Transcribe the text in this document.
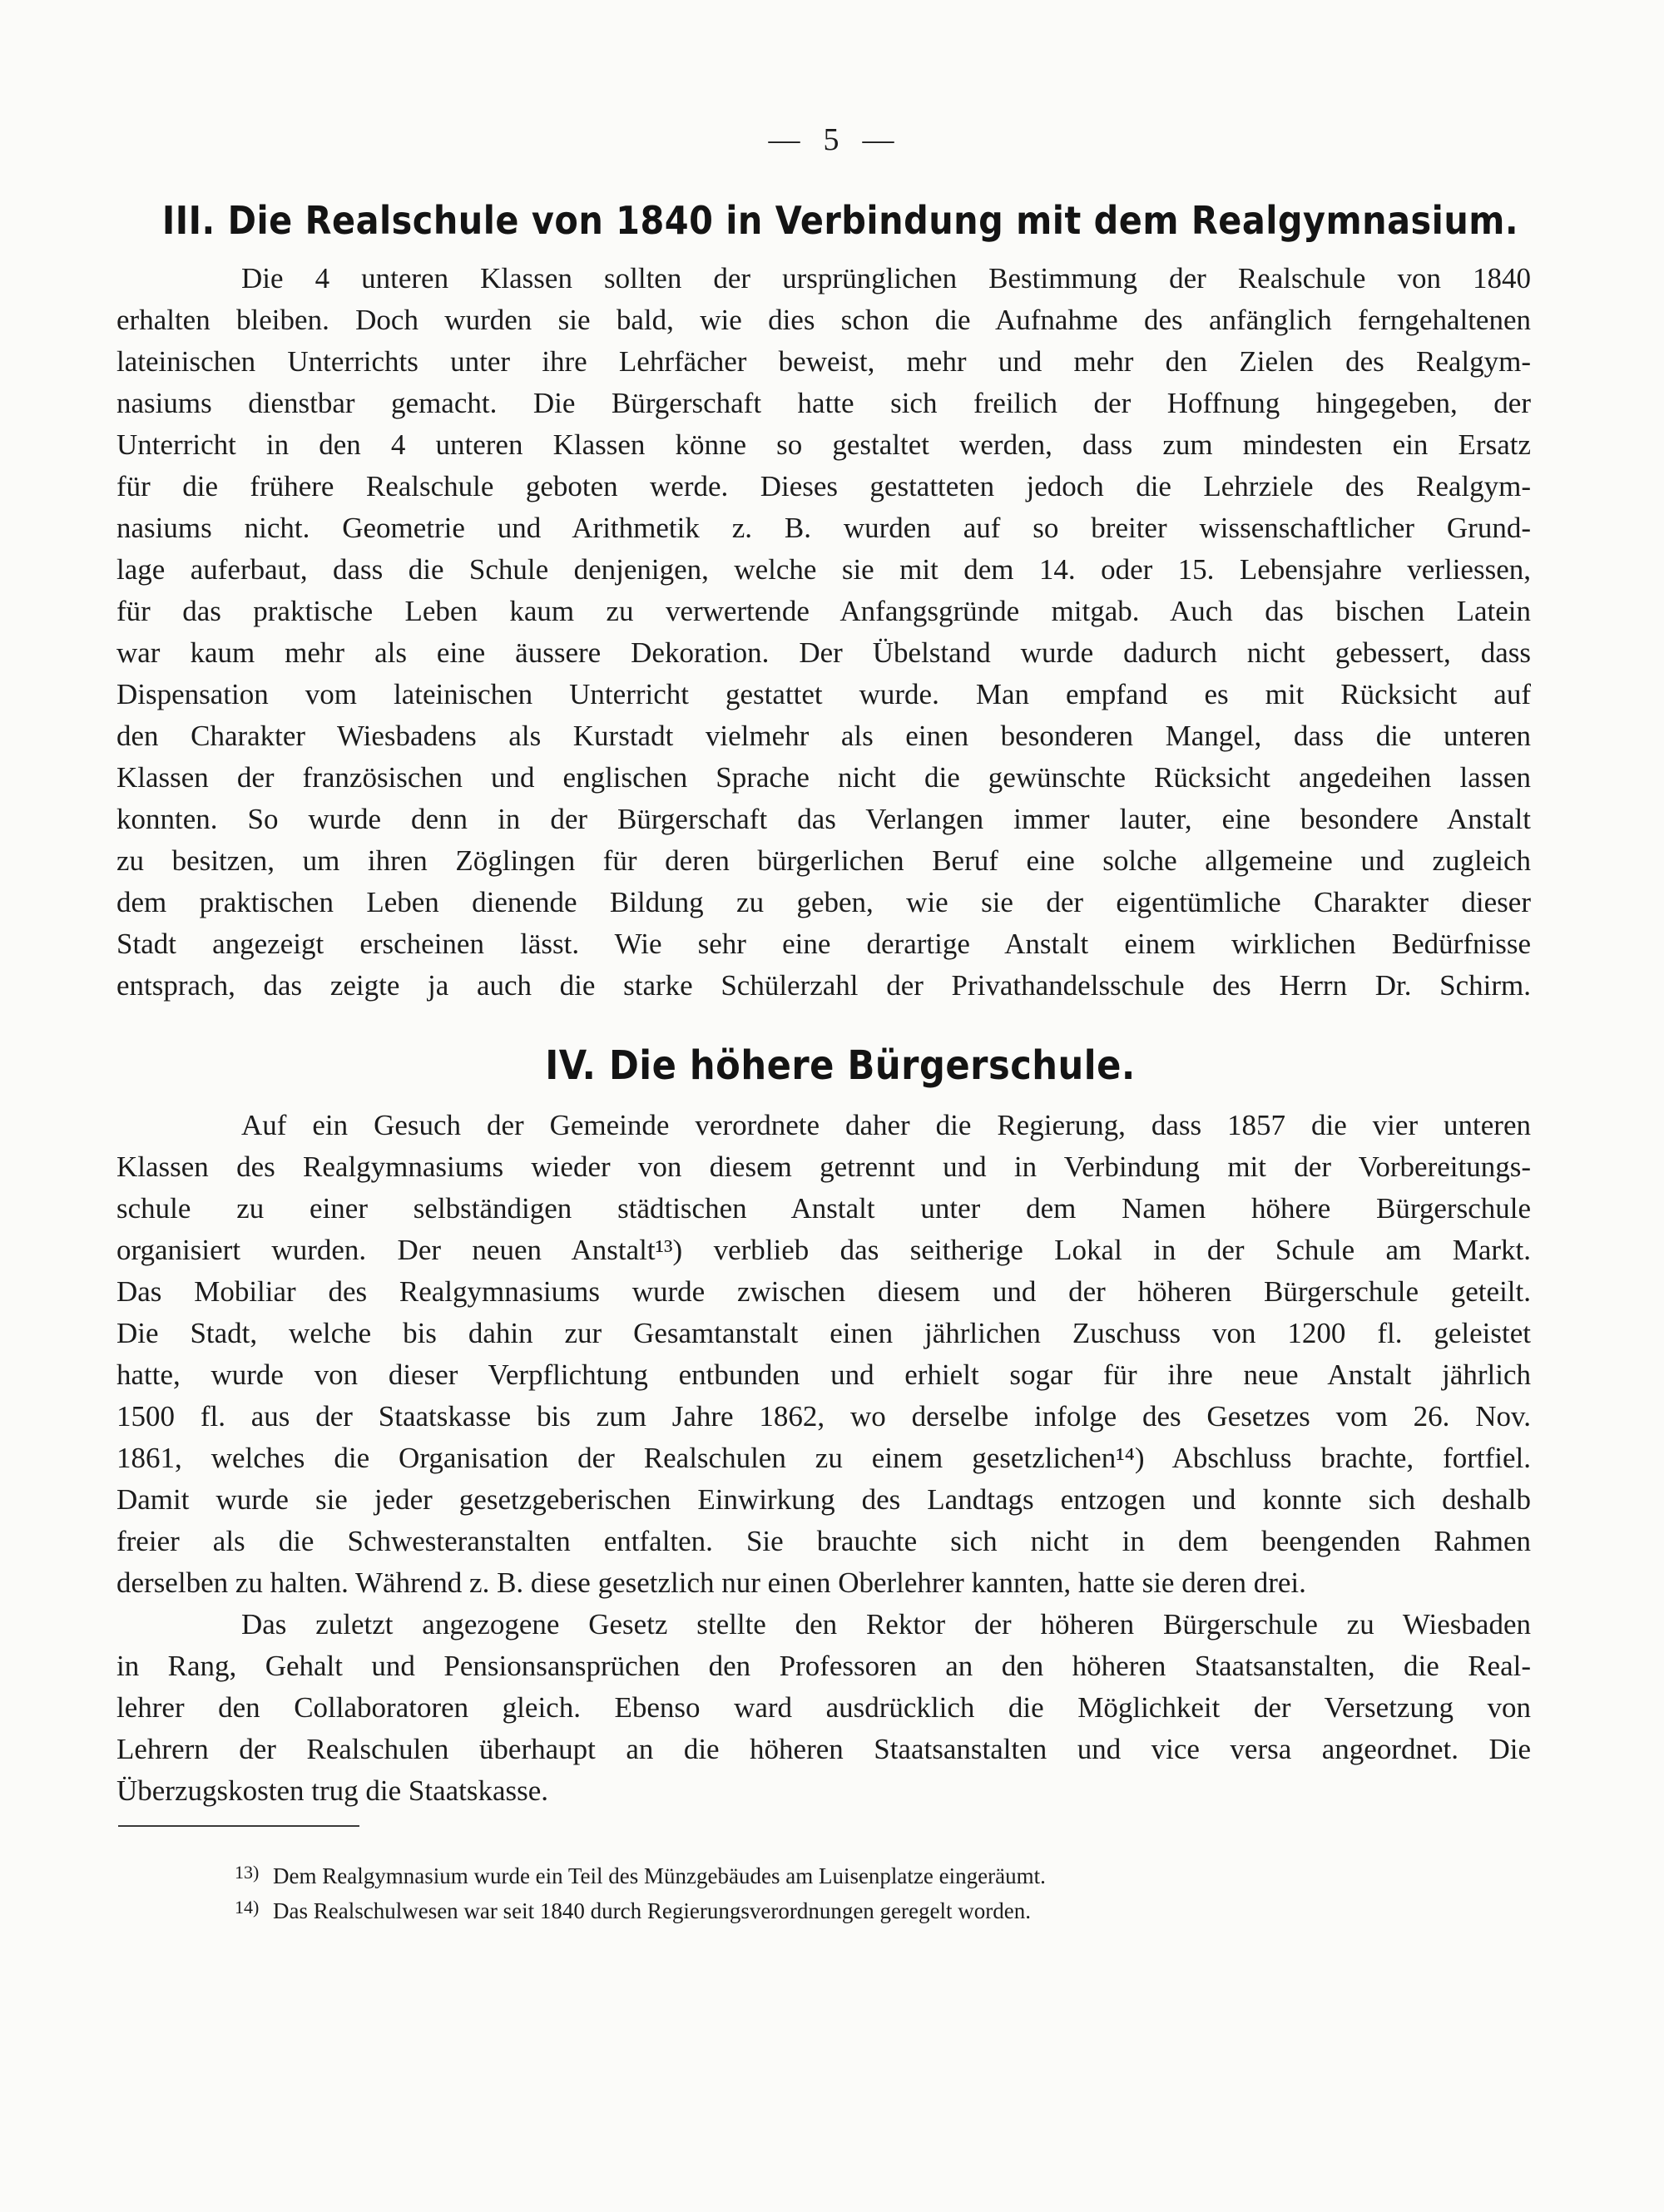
— 5 —
III. Die Realschule von 1840 in Verbindung mit dem Realgymnasium.
Die 4 unteren Klassen sollten der ursprünglichen Bestimmung der Realschule von 1840
erhalten bleiben. Doch wurden sie bald, wie dies schon die Aufnahme des anfänglich ferngehaltenen
lateinischen Unterrichts unter ihre Lehrfächer beweist, mehr und mehr den Zielen des Realgym-
nasiums dienstbar gemacht. Die Bürgerschaft hatte sich freilich der Hoffnung hingegeben, der
Unterricht in den 4 unteren Klassen könne so gestaltet werden, dass zum mindesten ein Ersatz
für die frühere Realschule geboten werde. Dieses gestatteten jedoch die Lehrziele des Realgym-
nasiums nicht. Geometrie und Arithmetik z. B. wurden auf so breiter wissenschaftlicher Grund-
lage auferbaut, dass die Schule denjenigen, welche sie mit dem 14. oder 15. Lebensjahre verliessen,
für das praktische Leben kaum zu verwertende Anfangsgründe mitgab. Auch das bischen Latein
war kaum mehr als eine äussere Dekoration. Der Übelstand wurde dadurch nicht gebessert, dass
Dispensation vom lateinischen Unterricht gestattet wurde. Man empfand es mit Rücksicht auf
den Charakter Wiesbadens als Kurstadt vielmehr als einen besonderen Mangel, dass die unteren
Klassen der französischen und englischen Sprache nicht die gewünschte Rücksicht angedeihen lassen
konnten. So wurde denn in der Bürgerschaft das Verlangen immer lauter, eine besondere Anstalt
zu besitzen, um ihren Zöglingen für deren bürgerlichen Beruf eine solche allgemeine und zugleich
dem praktischen Leben dienende Bildung zu geben, wie sie der eigentümliche Charakter dieser
Stadt angezeigt erscheinen lässt. Wie sehr eine derartige Anstalt einem wirklichen Bedürfnisse
entsprach, das zeigte ja auch die starke Schülerzahl der Privathandelsschule des Herrn Dr. Schirm.
IV. Die höhere Bürgerschule.
Auf ein Gesuch der Gemeinde verordnete daher die Regierung, dass 1857 die vier unteren
Klassen des Realgymnasiums wieder von diesem getrennt und in Verbindung mit der Vorbereitungs-
schule zu einer selbständigen städtischen Anstalt unter dem Namen höhere Bürgerschule
organisiert wurden. Der neuen Anstalt¹³) verblieb das seitherige Lokal in der Schule am Markt.
Das Mobiliar des Realgymnasiums wurde zwischen diesem und der höheren Bürgerschule geteilt.
Die Stadt, welche bis dahin zur Gesamtanstalt einen jährlichen Zuschuss von 1200 fl. geleistet
hatte, wurde von dieser Verpflichtung entbunden und erhielt sogar für ihre neue Anstalt jährlich
1500 fl. aus der Staatskasse bis zum Jahre 1862, wo derselbe infolge des Gesetzes vom 26. Nov.
1861, welches die Organisation der Realschulen zu einem gesetzlichen¹⁴) Abschluss brachte, fortfiel.
Damit wurde sie jeder gesetzgeberischen Einwirkung des Landtags entzogen und konnte sich deshalb
freier als die Schwesteranstalten entfalten. Sie brauchte sich nicht in dem beengenden Rahmen
derselben zu halten. Während z. B. diese gesetzlich nur einen Oberlehrer kannten, hatte sie deren drei.
Das zuletzt angezogene Gesetz stellte den Rektor der höheren Bürgerschule zu Wiesbaden
in Rang, Gehalt und Pensionsansprüchen den Professoren an den höheren Staatsanstalten, die Real-
lehrer den Collaboratoren gleich. Ebenso ward ausdrücklich die Möglichkeit der Versetzung von
Lehrern der Realschulen überhaupt an die höheren Staatsanstalten und vice versa angeordnet. Die
Überzugskosten trug die Staatskasse.
13) Dem Realgymnasium wurde ein Teil des Münzgebäudes am Luisenplatze eingeräumt.
14) Das Realschulwesen war seit 1840 durch Regierungsverordnungen geregelt worden.
